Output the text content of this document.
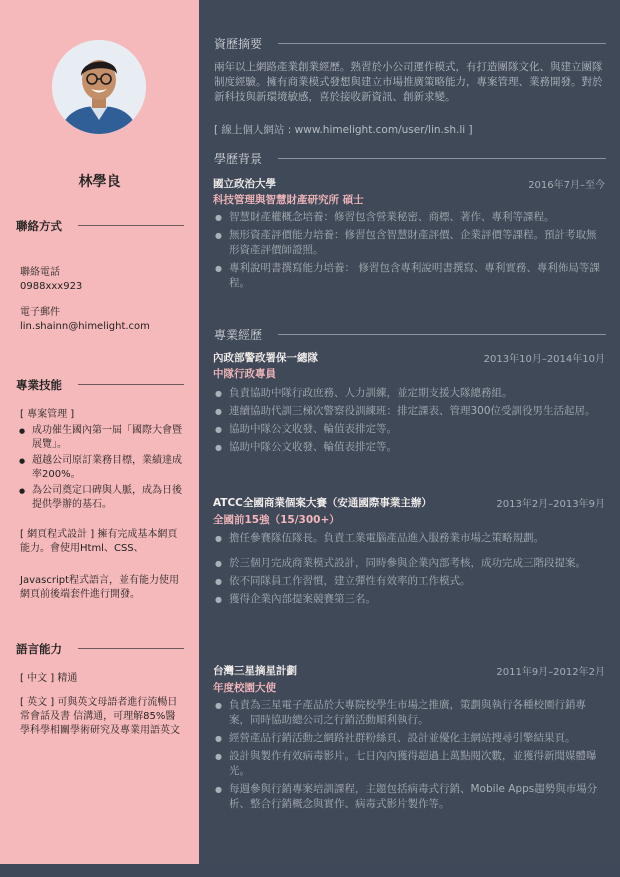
林學良
聯絡方式
聯絡電話
0988xxx923
電子郵件
lin.shainn@himelight.com
專業技能
[ 專案管理 ]
● 成功催生國內第一屆「國際大會暨展覽」。
● 超越公司原訂業務目標，業績達成率200%。
● 為公司奠定口碑與人脈，成為日後提供學辦的基石。
[ 網頁程式設計 ] 擁有完成基本網頁能力。會使用Html、CSS、
Javascript程式語言，並有能力使用網頁前後端套件進行開發。
語言能力
[ 中文 ] 精通
[ 英文 ] 可與英文母語者進行流暢日常會話及書 信溝通，可理解85%醫學科學相關學術研究及專業用語英文
資歷摘要
兩年以上網路產業創業經歷。熟習於小公司運作模式，有打造團隊文化、與建立團隊制度經驗。擁有商業模式發想與建立市場推廣策略能力，專案管理、業務開發。對於新科技與新環境敏感，喜於接收新資訊、創新求變。
[ 線上個人網站 : www.himelight.com/user/lin.sh.li ]
學歷背景
國立政治大學	2016年7月–至今
科技管理與智慧財產研究所 碩士
● 智慧財產權概念培養：修習包含營業秘密、商標、著作、專利等課程。
● 無形資產評價能力培養：修習包含智慧財產評價、企業評價等課程。預計考取無形資產評價師證照。
● 專利說明書撰寫能力培養： 修習包含專利說明書撰寫、專利實務、專利佈局等課程。
專業經歷
內政部警政署保一總隊	2013年10月–2014年10月
中隊行政專員
● 負責協助中隊行政庶務、人力訓練，並定期支援大隊總務組。
● 連續協助代訓三梯次警察役訓練班：排定課表、管理300位受訓役男生活起居。
● 協助中隊公文收發、輪值表排定等。
● 協助中隊公文收發、輪值表排定等。
ATCC全國商業個案大賽（安通國際事業主辦）	2013年2月–2013年9月
全國前15強（15/300+）
● 擔任參賽隊伍隊長。負責工業電腦產品進入服務業市場之策略規劃。
● 於三個月完成商業模式設計，同時參與企業內部考核，成功完成三階段提案。
● 依不同隊員工作習慣，建立彈性有效率的工作模式。
● 獲得企業內部提案競賽第三名。
台灣三星摘星計劃	2011年9月–2012年2月
年度校園大使
● 負責為三星電子產品於大專院校學生市場之推廣，策劃與執行各種校園行銷專案，同時協助總公司之行銷活動順利執行。
● 經營產品行銷活動之網路社群粉絲頁、設計並優化主網站搜尋引擎結果頁。
● 設計與製作有效病毒影片。七日內內獲得超過上萬點閱次數，並獲得新聞媒體曝光。
● 每週參與行銷專案培訓課程，主題包括病毒式行銷、Mobile Apps趨勢與市場分析、整合行銷概念與實作、病毒式影片製作等。
